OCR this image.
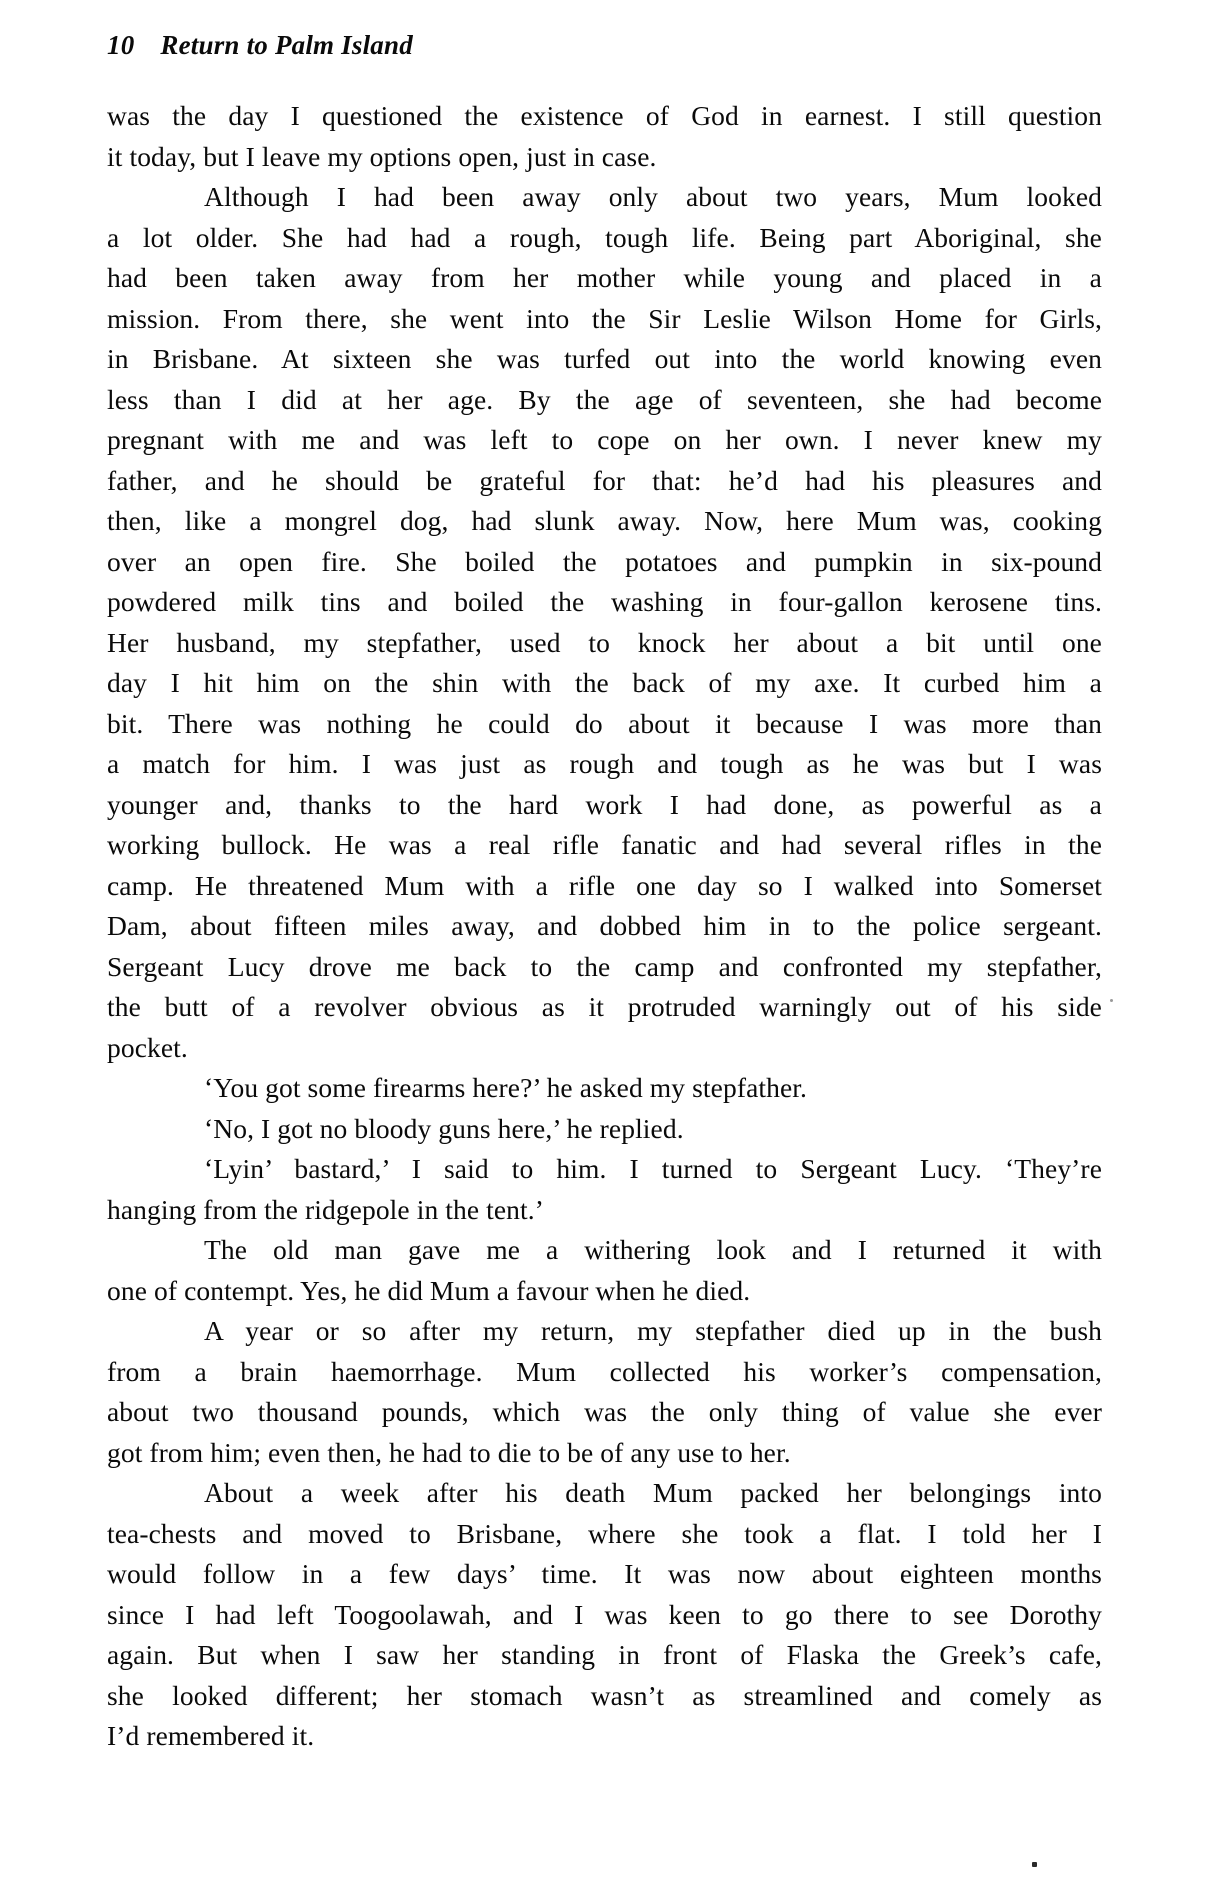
10 Return to Palm Island
was the day I questioned the existence of God in earnest. I still question
it today, but I leave my options open, just in case.
Although I had been away only about two years, Mum looked
a lot older. She had had a rough, tough life. Being part Aboriginal, she
had been taken away from her mother while young and placed in a
mission. From there, she went into the Sir Leslie Wilson Home for Girls,
in Brisbane. At sixteen she was turfed out into the world knowing even
less than I did at her age. By the age of seventeen, she had become
pregnant with me and was left to cope on her own. I never knew my
father, and he should be grateful for that: he’d had his pleasures and
then, like a mongrel dog, had slunk away. Now, here Mum was, cooking
over an open fire. She boiled the potatoes and pumpkin in six-pound
powdered milk tins and boiled the washing in four-gallon kerosene tins.
Her husband, my stepfather, used to knock her about a bit until one
day I hit him on the shin with the back of my axe. It curbed him a
bit. There was nothing he could do about it because I was more than
a match for him. I was just as rough and tough as he was but I was
younger and, thanks to the hard work I had done, as powerful as a
working bullock. He was a real rifle fanatic and had several rifles in the
camp. He threatened Mum with a rifle one day so I walked into Somerset
Dam, about fifteen miles away, and dobbed him in to the police sergeant.
Sergeant Lucy drove me back to the camp and confronted my stepfather,
the butt of a revolver obvious as it protruded warningly out of his side
pocket.
‘You got some firearms here?’ he asked my stepfather.
‘No, I got no bloody guns here,’ he replied.
‘Lyin’ bastard,’ I said to him. I turned to Sergeant Lucy. ‘They’re
hanging from the ridgepole in the tent.’
The old man gave me a withering look and I returned it with
one of contempt. Yes, he did Mum a favour when he died.
A year or so after my return, my stepfather died up in the bush
from a brain haemorrhage. Mum collected his worker’s compensation,
about two thousand pounds, which was the only thing of value she ever
got from him; even then, he had to die to be of any use to her.
About a week after his death Mum packed her belongings into
tea-chests and moved to Brisbane, where she took a flat. I told her I
would follow in a few days’ time. It was now about eighteen months
since I had left Toogoolawah, and I was keen to go there to see Dorothy
again. But when I saw her standing in front of Flaska the Greek’s cafe,
she looked different; her stomach wasn’t as streamlined and comely as
I’d remembered it.
